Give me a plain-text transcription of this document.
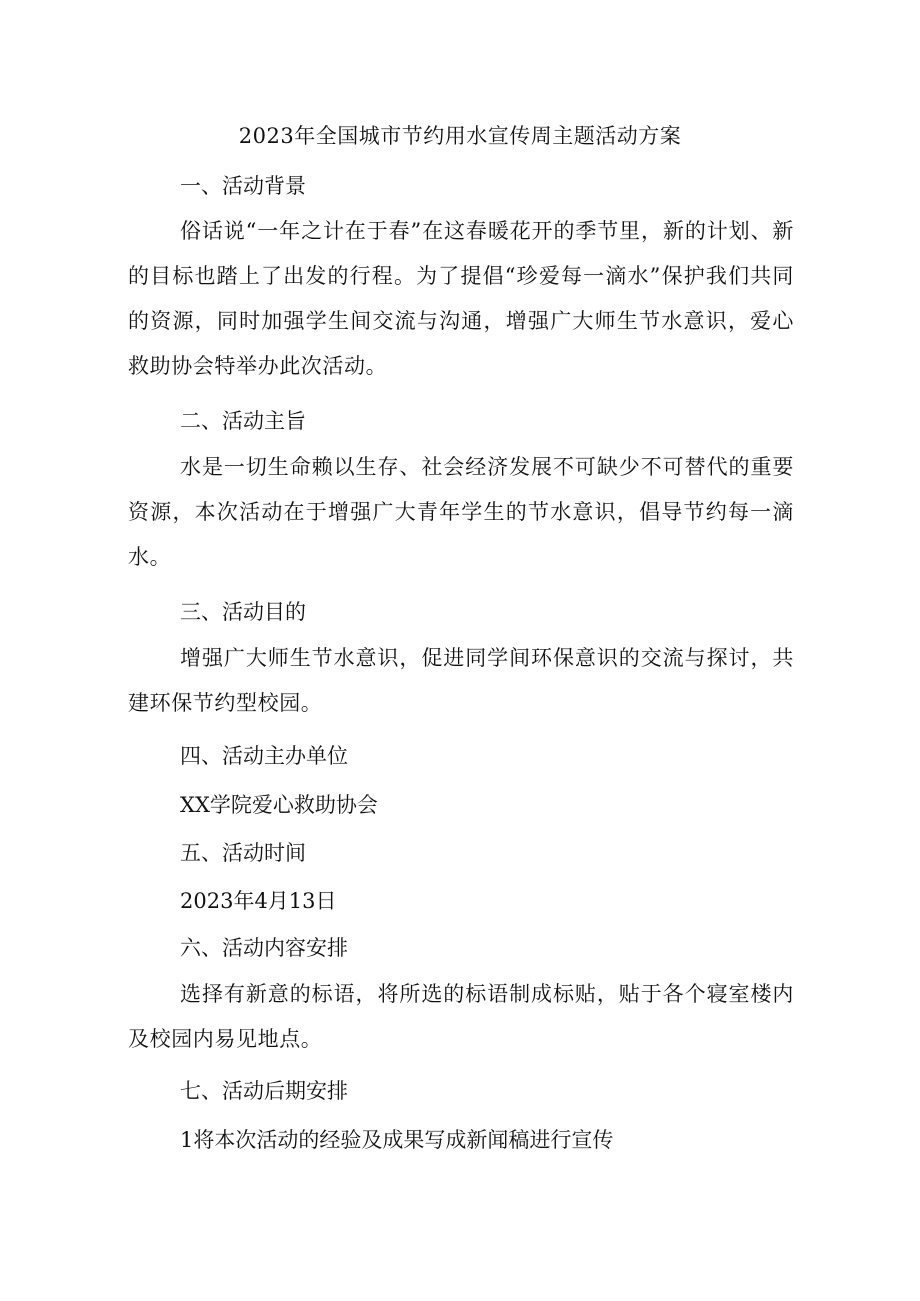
2023年全国城市节约用水宣传周主题活动方案
一、活动背景
俗话说“一年之计在于春”在这春暖花开的季节里，新的计划、新的目标也踏上了出发的行程。为了提倡“珍爱每一滴水”保护我们共同的资源，同时加强学生间交流与沟通，增强广大师生节水意识，爱心救助协会特举办此次活动。
二、活动主旨
水是一切生命赖以生存、社会经济发展不可缺少不可替代的重要资源，本次活动在于增强广大青年学生的节水意识，倡导节约每一滴水。
三、活动目的
增强广大师生节水意识，促进同学间环保意识的交流与探讨，共建环保节约型校园。
四、活动主办单位
XX学院爱心救助协会
五、活动时间
2023年4月13日
六、活动内容安排
选择有新意的标语，将所选的标语制成标贴，贴于各个寝室楼内及校园内易见地点。
七、活动后期安排
1将本次活动的经验及成果写成新闻稿进行宣传
